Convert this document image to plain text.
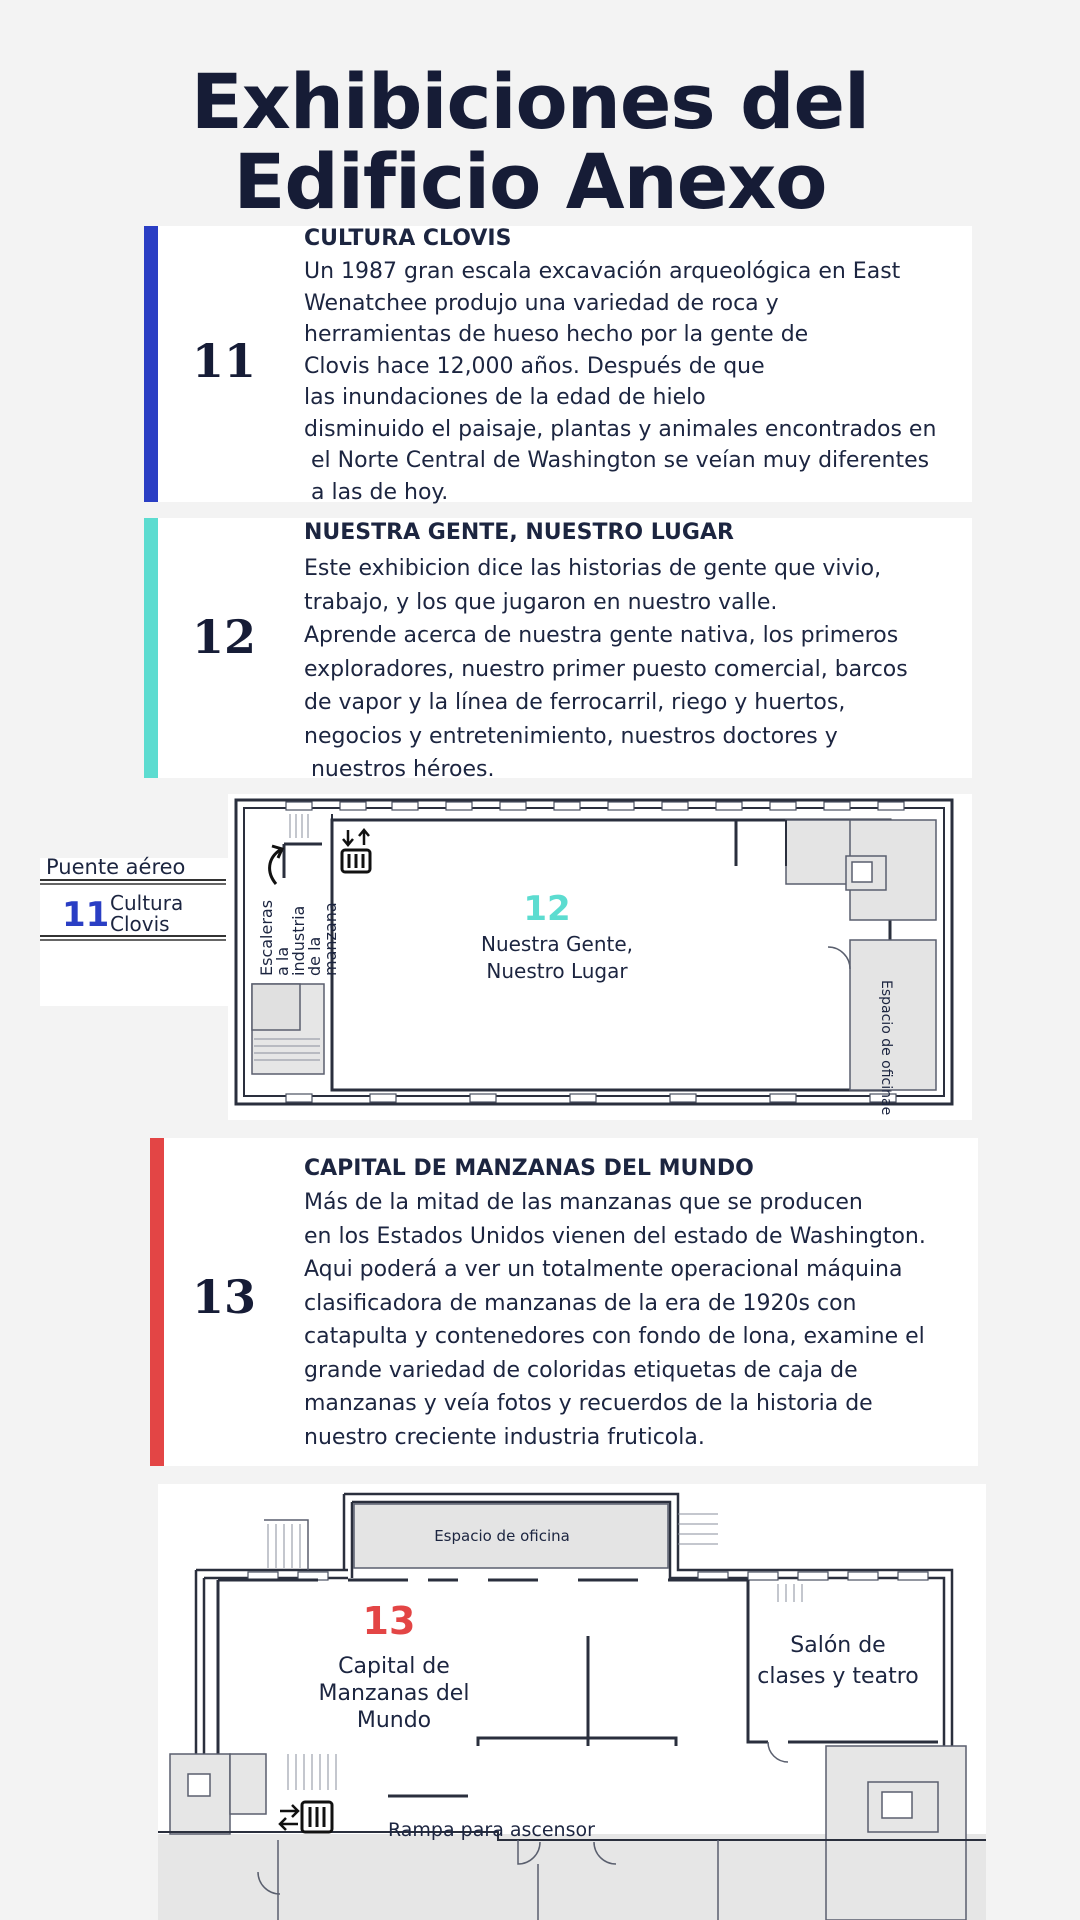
Exhibiciones del
Edificio Anexo
11
CULTURA CLOVIS
Un 1987 gran escala excavación arqueológica en East
Wenatchee produjo una variedad de roca y
herramientas de hueso hecho por la gente de
Clovis hace 12,000 años. Después de que
las inundaciones de la edad de hielo
disminuido el paisaje, plantas y animales encontrados en
el Norte Central de Washington se veían muy diferentes
a las de hoy.
12
NUESTRA GENTE, NUESTRO LUGAR
Este exhibicion dice las historias de gente que vivio,
trabajo, y los que jugaron en nuestro valle.
Aprende acerca de nuestra gente nativa, los primeros
exploradores, nuestro primer puesto comercial, barcos
de vapor y la línea de ferrocarril, riego y huertos,
negocios y entretenimiento, nuestros doctores y
nuestros héroes.
Puente aéreo
11 Cultura
Clovis
Espacio de oficinae
Escaleras
a la
industria
de la
manzana	12
Nuestra Gente,
Nuestro Lugar
13
CAPITAL DE MANZANAS DEL MUNDO
Más de la mitad de las manzanas que se producen
en los Estados Unidos vienen del estado de Washington.
Aqui poderá a ver un totalmente operacional máquina
clasificadora de manzanas de la era de 1920s con
catapulta y contenedores con fondo de lona, examine el
grande variedad de coloridas etiquetas de caja de
manzanas y veía fotos y recuerdos de la historia de
nuestro creciente industria fruticola.
Espacio de oficina
Rampa para ascensor
13
Capital de
Manzanas del
Mundo
Salón de
clases y teatro
